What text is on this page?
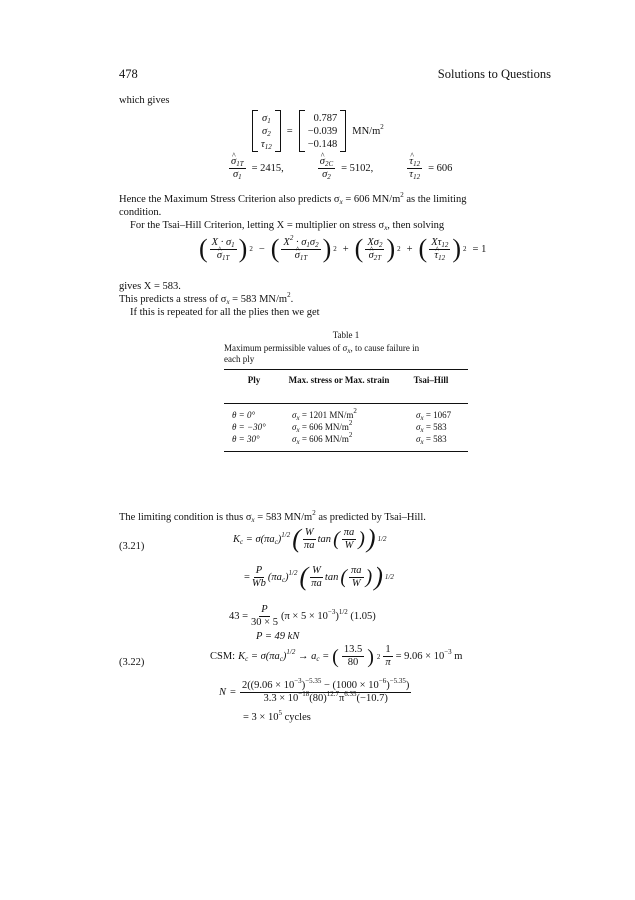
478	Solutions to Questions
which gives
$\sigma_1$
$\sigma_2$
$\tau_{12}$
=
0.787
−0.039
−0.148
$MN/m^2$
^ $\frac{\sigma_{1T}}{\sigma_1} = 2415$,	^ $\frac{\sigma_{2C}}{\sigma_2} = 5102$,	^ $\frac{\tau_{12}}{\tau_{12}} = 606$
Hence the Maximum Stress Criterion also predicts $\sigma_x = 606$ $MN/m^2$ as the limiting
condition.
For the Tsai–Hill Criterion, letting X = multiplier on stress $\sigma_x$, then solving
( $X \cdot \sigma_1$
^ $\sigma_{1T}$ ) 2 − ( $X^2 \cdot \sigma_1\sigma_2$
^ $\sigma_{1T}$ ) 2 + ( $X\sigma_2$
^ $\sigma_{2T}$ ) 2 + ( $X\tau_{12}$
^ $\tau_{12}$ ) 2 = 1
gives X = 583.
This predicts a stress of $\sigma_x = 583$ $MN/m^2$.
If this is repeated for all the plies then we get
Table 1
Maximum permissible values of $\sigma_x$, to cause failure in
each ply
Ply	Max. stress or Max. strain	Tsai–Hill
θ = 0°	$\sigma_x = 1201$ $MN/m^2$	$\sigma_x = 1067$
θ = −30°	$\sigma_x = 606$ $MN/m^2$	$\sigma_x = 583$
θ = 30°	$\sigma_x = 606$ $MN/m^2$	$\sigma_x = 583$
The limiting condition is thus $\sigma_x = 583$ $MN/m^2$ as predicted by Tsai–Hill.
(3.21)
$K_c = \sigma(\pi a_c)^{1/2}$ ( $\frac{W}{\pi a}$ tan ( $\frac{\pi a}{W}$ ) ) 1/2
= $\frac{P}{Wb} (\pi a_c)^{1/2}$ ( $\frac{W}{\pi a}$ tan ( $\frac{\pi a}{W}$ ) ) 1/2
$43 = \frac{P}{30 \times 5} (\pi \times 5 \times 10^{-3})^{1/2}$ (1.05)
P = 49 kN
(3.22)
CSM: $K_c = \sigma(\pi a_c)^{1/2} \to a_c$ = ( $\frac{13.5}{80}$ ) $2 \frac{1}{\pi} = 9.06 \times 10^{-3}$ m
$N = \frac{2((9.06 \times 10^{-3})^{-5.35} - (1000 \times 10^{-6})^{-5.35})}{3.3 \times 10^{-18}(80)^{12.7}\pi^{6.35}(-10.7)}$
= $3 \times 10^5$ cycles
